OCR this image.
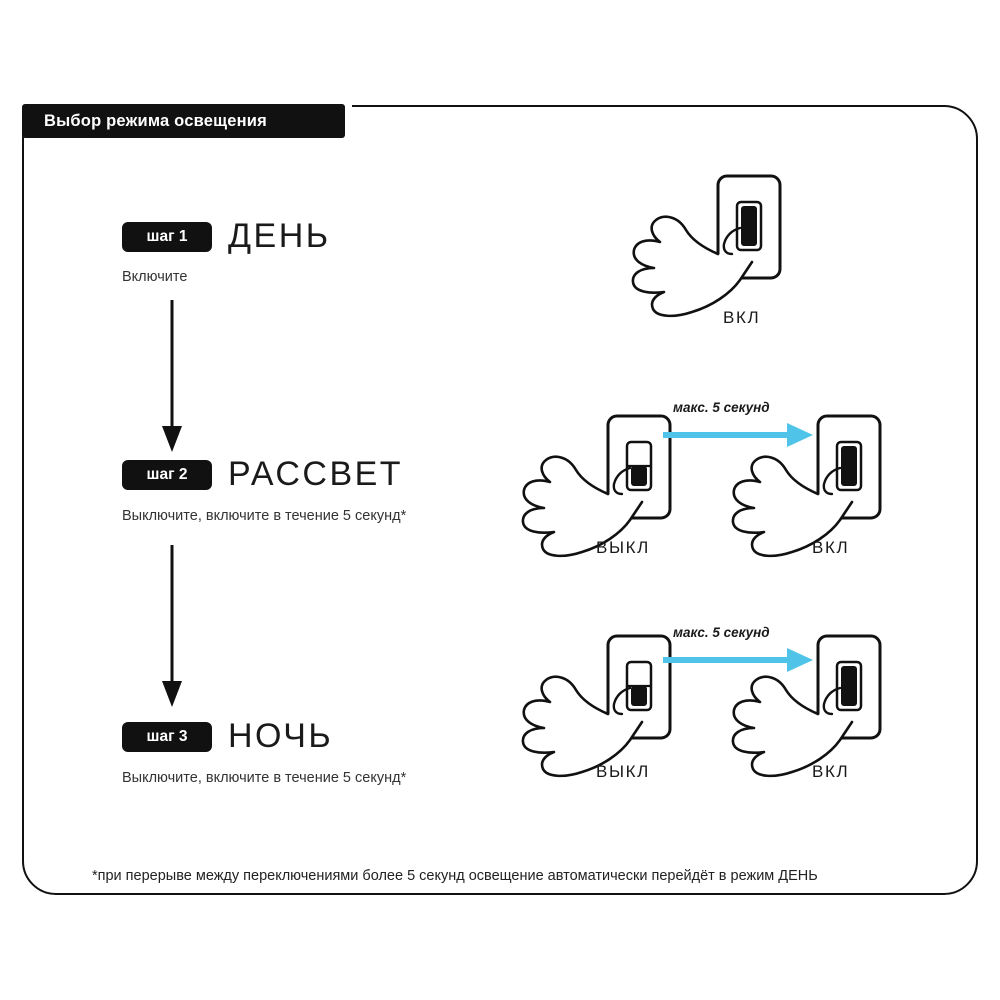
Выбор режима освещения
шаг 1 ДЕНЬ
Включите
шаг 2 РАССВЕТ
Выключите, включите в течение 5 секунд*
шаг 3 НОЧЬ
Выключите, включите в течение 5 секунд*
ВКЛ
ВЫКЛ	ВКЛ
макс. 5 секунд
ВЫКЛ	ВКЛ
макс. 5 секунд
*при перерыве между переключениями более 5 секунд освещение автоматически перейдёт в режим ДЕНЬ
